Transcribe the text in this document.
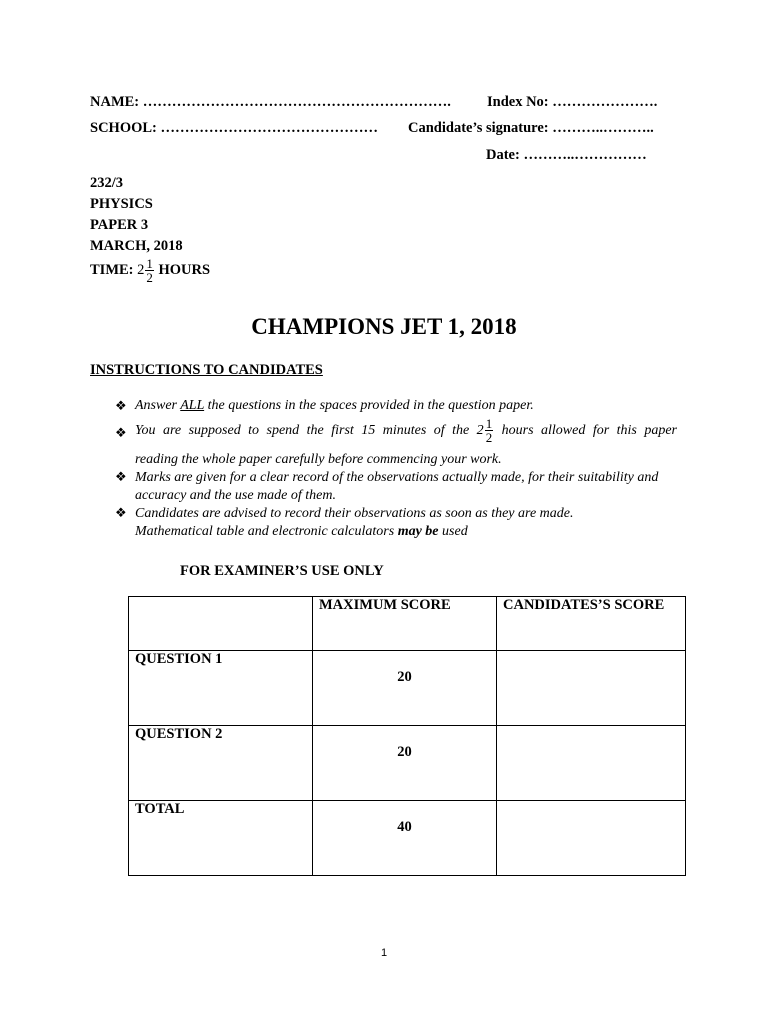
NAME: ………………………………………………………. Index No: ………………….
SCHOOL: ……………………………………… Candidate’s signature: ………..………..
Date: ………..……………
232/3
PHYSICS
PAPER 3
MARCH, 2018
TIME: $2 \frac{1}{2}$ HOURS
CHAMPIONS JET 1, 2018
INSTRUCTIONS TO CANDIDATES
❖ Answer ALL the questions in the spaces provided in the question paper.
❖ You are supposed to spend the first 15 minutes of the $2 \frac{1}{2}$ hours allowed for this paper
reading the whole paper carefully before commencing your work.
❖ Marks are given for a clear record of the observations actually made, for their suitability and accuracy and the use made of them.
❖ Candidates are advised to record their observations as soon as they are made.
Mathematical table and electronic calculators may be used
FOR EXAMINER’S USE ONLY
	MAXIMUM SCORE	CANDIDATES’S SCORE
QUESTION 1	20	

QUESTION 2	20	

TOTAL	40	

1
